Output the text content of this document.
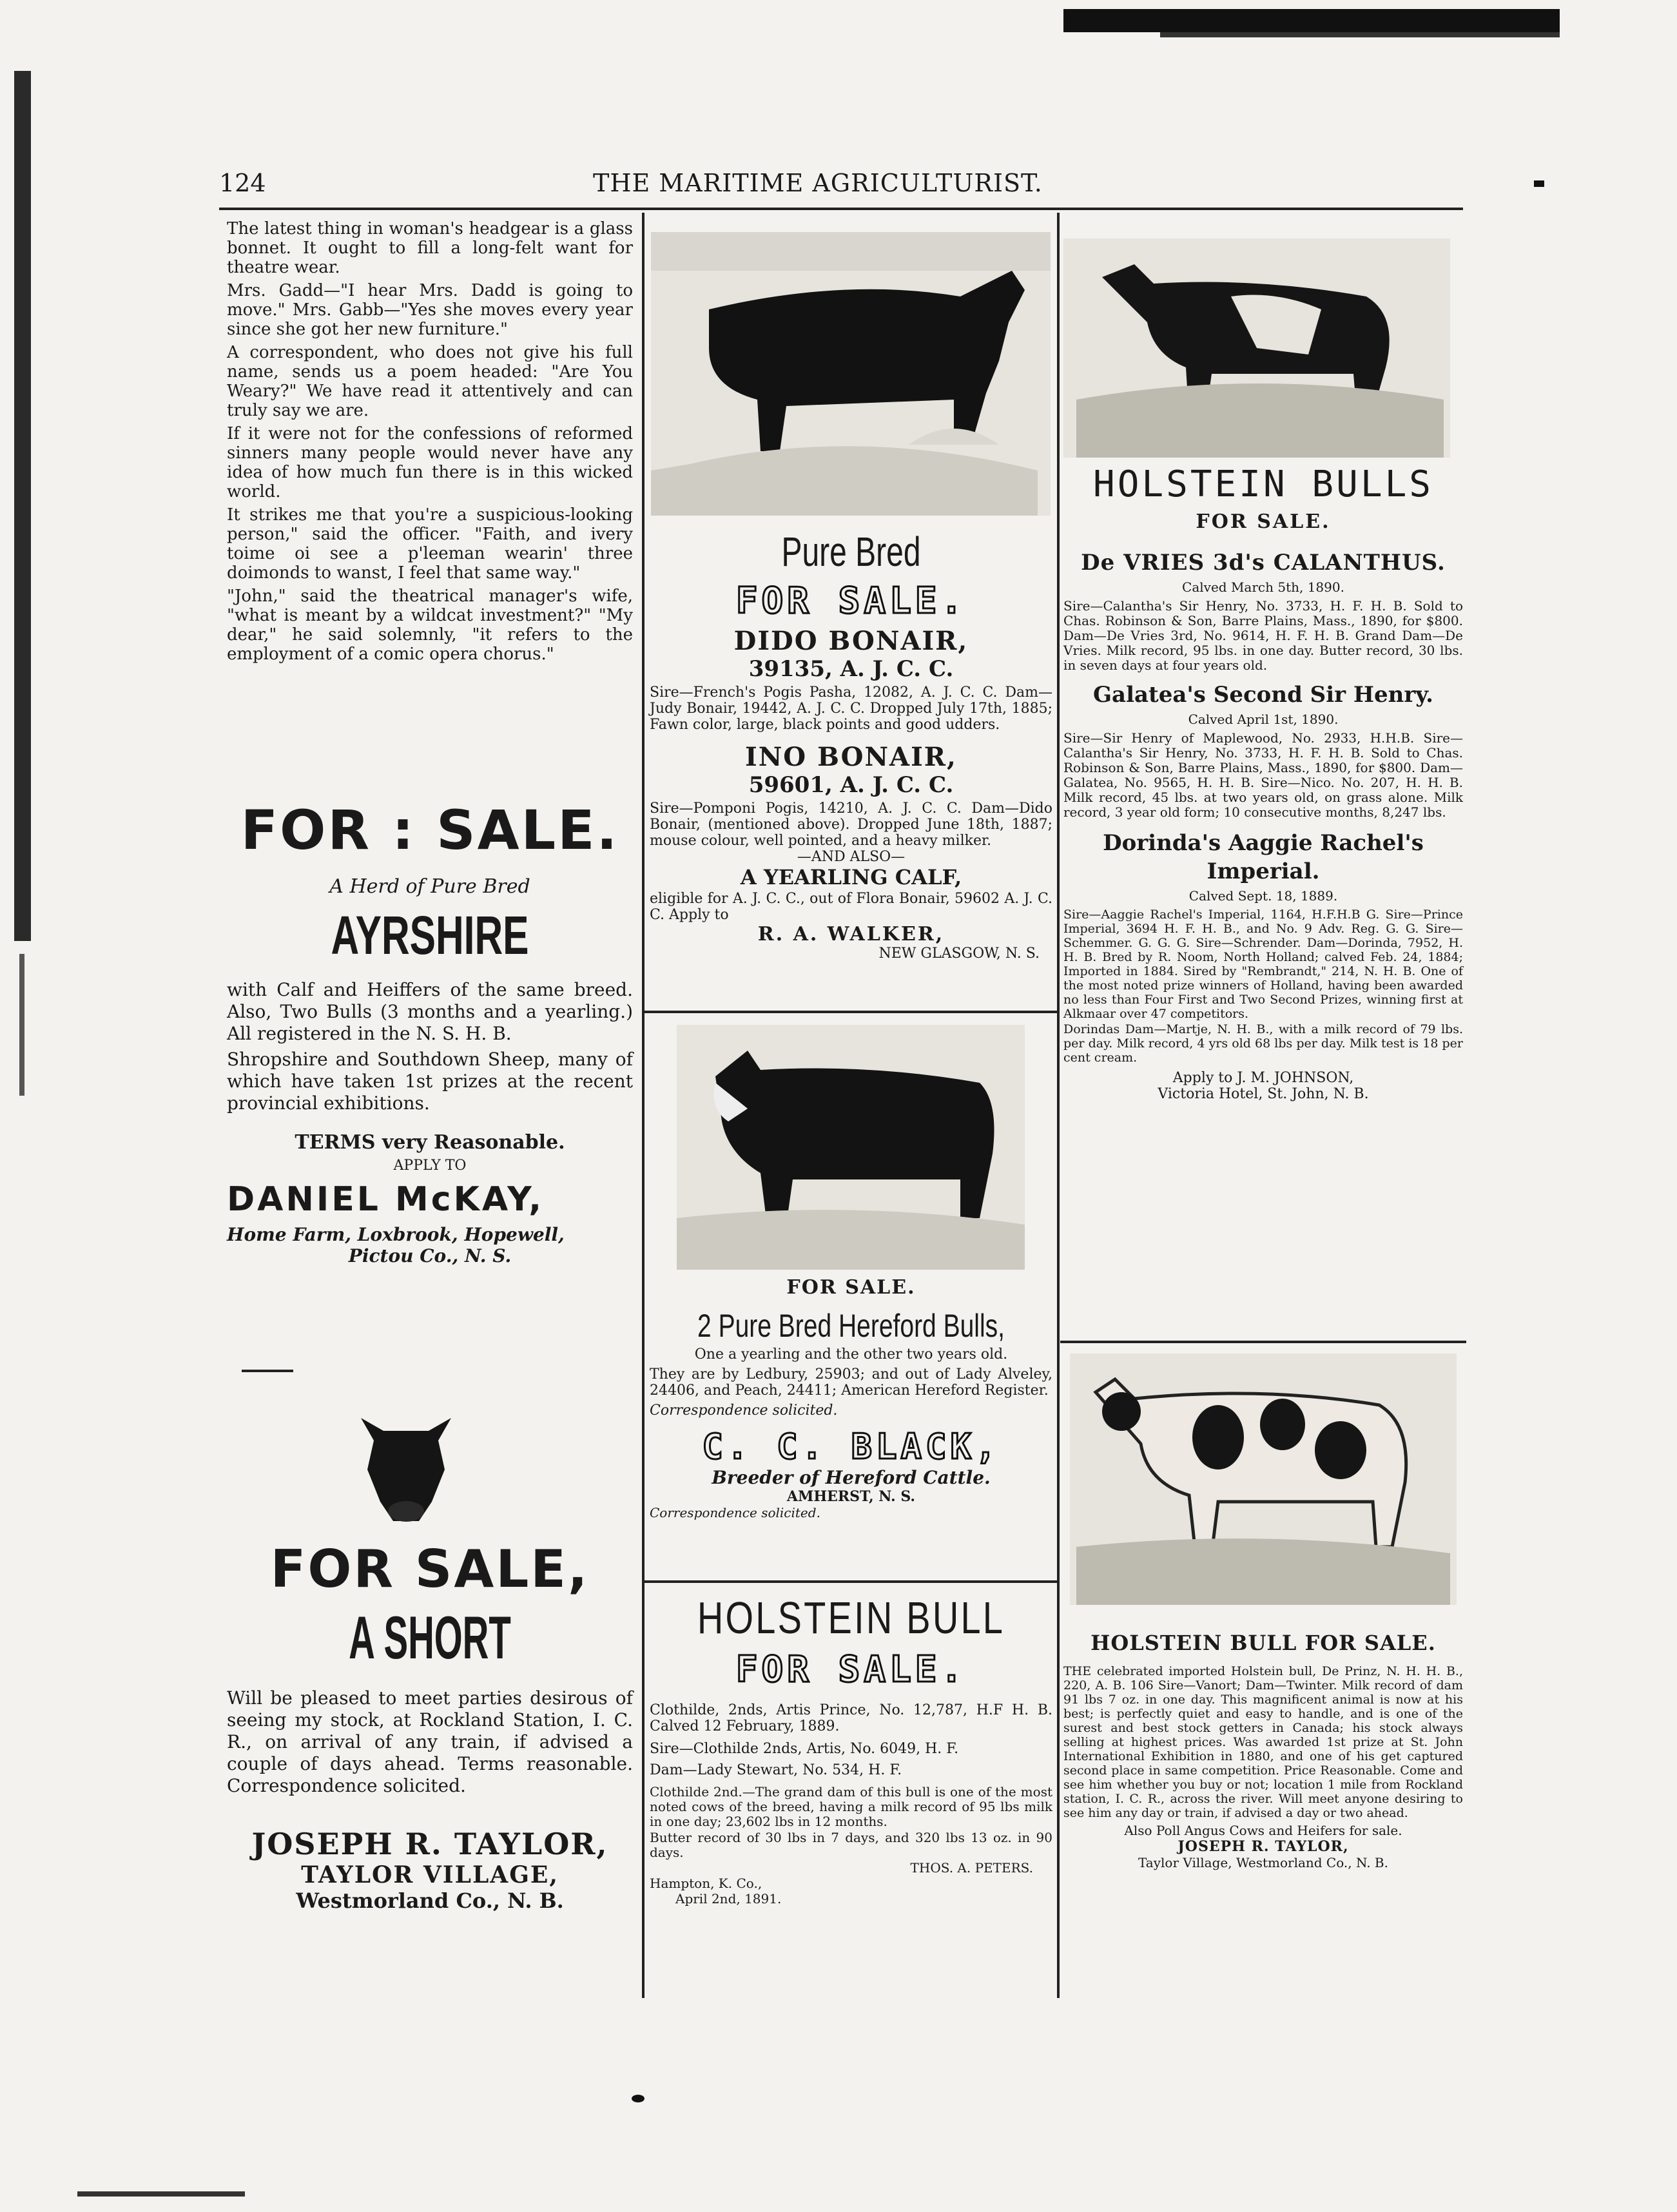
124	THE MARITIME AGRICULTURIST.

The latest thing in woman's headgear is a glass bonnet. It ought to fill a long-felt want for theatre wear.

Mrs. Gadd—"I hear Mrs. Dadd is going to move." Mrs. Gabb—"Yes she moves every year since she got her new furniture."

A correspondent, who does not give his full name, sends us a poem headed: "Are You Weary?" We have read it attentively and can truly say we are.

If it were not for the confessions of reformed sinners many people would never have any idea of how much fun there is in this wicked world.

It strikes me that you're a suspicious-looking person," said the officer. "Faith, and ivery toime oi see a p'leeman wearin' three doimonds to wanst, I feel that same way."

"John," said the theatrical manager's wife, "what is meant by a wildcat investment?" "My dear," he said solemnly, "it refers to the employment of a comic opera chorus."

FOR : SALE.
A Herd of Pure Bred
AYRSHIRE

with Calf and Heiffers of the same breed. Also, Two Bulls (3 months and a yearling.) All registered in the N. S. H. B.

Shropshire and Southdown Sheep, many of which have taken 1st prizes at the recent provincial exhibitions.

TERMS very Reasonable.
APPLY TO
DANIEL McKAY,
Home Farm, Loxbrook, Hopewell,
Pictou Co., N. S.
FOR SALE,
A SHORT

Will be pleased to meet parties desirous of seeing my stock, at Rockland Station, I. C. R., on arrival of any train, if advised a couple of days ahead. Terms reasonable. Correspondence solicited.

JOSEPH R. TAYLOR,
TAYLOR VILLAGE,
Westmorland Co., N. B.
Pure Bred
FOR SALE.
DIDO BONAIR,
39135, A. J. C. C.

Sire—French's Pogis Pasha, 12082, A. J. C. C. Dam—Judy Bonair, 19442, A. J. C. C. Dropped July 17th, 1885; Fawn color, large, black points and good udders.

INO BONAIR,
59601, A. J. C. C.

Sire—Pomponi Pogis, 14210, A. J. C. C. Dam—Dido Bonair, (mentioned above). Dropped June 18th, 1887; mouse colour, well pointed, and a heavy milker.

—AND ALSO—
A YEARLING CALF,

eligible for A. J. C. C., out of Flora Bonair, 59602 A. J. C. C. Apply to

R. A. WALKER,
NEW GLASGOW, N. S.
FOR SALE.
2 Pure Bred Hereford Bulls,
One a yearling and the other two years old.

They are by Ledbury, 25903; and out of Lady Alveley, 24406, and Peach, 24411; American Hereford Register.

Correspondence solicited.
C. C. BLACK,
Breeder of Hereford Cattle.
AMHERST, N. S.
Correspondence solicited.
HOLSTEIN BULL
FOR SALE.

Clothilde, 2nds, Artis Prince, No. 12,787, H.F H. B. Calved 12 February, 1889.

Sire—Clothilde 2nds, Artis, No. 6049, H. F.

Dam—Lady Stewart, No. 534, H. F.

Clothilde 2nd.—The grand dam of this bull is one of the most noted cows of the breed, having a milk record of 95 lbs milk in one day; 23,602 lbs in 12 months.

Butter record of 30 lbs in 7 days, and 320 lbs 13 oz. in 90 days.

THOS. A. PETERS.
Hampton, K. Co.,
April 2nd, 1891.
HOLSTEIN BULLS
FOR SALE.
De VRIES 3d's CALANTHUS.
Calved March 5th, 1890.

Sire—Calantha's Sir Henry, No. 3733, H. F. H. B. Sold to Chas. Robinson & Son, Barre Plains, Mass., 1890, for $800. Dam—De Vries 3rd, No. 9614, H. F. H. B. Grand Dam—De Vries. Milk record, 95 lbs. in one day. Butter record, 30 lbs. in seven days at four years old.

Galatea's Second Sir Henry.
Calved April 1st, 1890.

Sire—Sir Henry of Maplewood, No. 2933, H.H.B. Sire—Calantha's Sir Henry, No. 3733, H. F. H. B. Sold to Chas. Robinson & Son, Barre Plains, Mass., 1890, for $800. Dam—Galatea, No. 9565, H. H. B. Sire—Nico. No. 207, H. H. B. Milk record, 45 lbs. at two years old, on grass alone. Milk record, 3 year old form; 10 consecutive months, 8,247 lbs.

Dorinda's Aaggie Rachel's Imperial.
Calved Sept. 18, 1889.

Sire—Aaggie Rachel's Imperial, 1164, H.F.H.B G. Sire—Prince Imperial, 3694 H. F. H. B., and No. 9 Adv. Reg. G. G. Sire—Schemmer. G. G. G. Sire—Schrender. Dam—Dorinda, 7952, H. H. B. Bred by R. Noom, North Holland; calved Feb. 24, 1884; Imported in 1884. Sired by "Rembrandt," 214, N. H. B. One of the most noted prize winners of Holland, having been awarded no less than Four First and Two Second Prizes, winning first at Alkmaar over 47 competitors.

Dorindas Dam—Martje, N. H. B., with a milk record of 79 lbs. per day. Milk record, 4 yrs old 68 lbs per day. Milk test is 18 per cent cream.

Apply to J. M. JOHNSON,
Victoria Hotel, St. John, N. B.
HOLSTEIN BULL FOR SALE.

THE celebrated imported Holstein bull, De Prinz, N. H. H. B., 220, A. B. 106 Sire—Vanort; Dam—Twinter. Milk record of dam 91 lbs 7 oz. in one day. This magnificent animal is now at his best; is perfectly quiet and easy to handle, and is one of the surest and best stock getters in Canada; his stock always selling at highest prices. Was awarded 1st prize at St. John International Exhibition in 1880, and one of his get captured second place in same competition. Price Reasonable. Come and see him whether you buy or not; location 1 mile from Rockland station, I. C. R., across the river. Will meet anyone desiring to see him any day or train, if advised a day or two ahead.

Also Poll Angus Cows and Heifers for sale.
JOSEPH R. TAYLOR,
Taylor Village, Westmorland Co., N. B.
